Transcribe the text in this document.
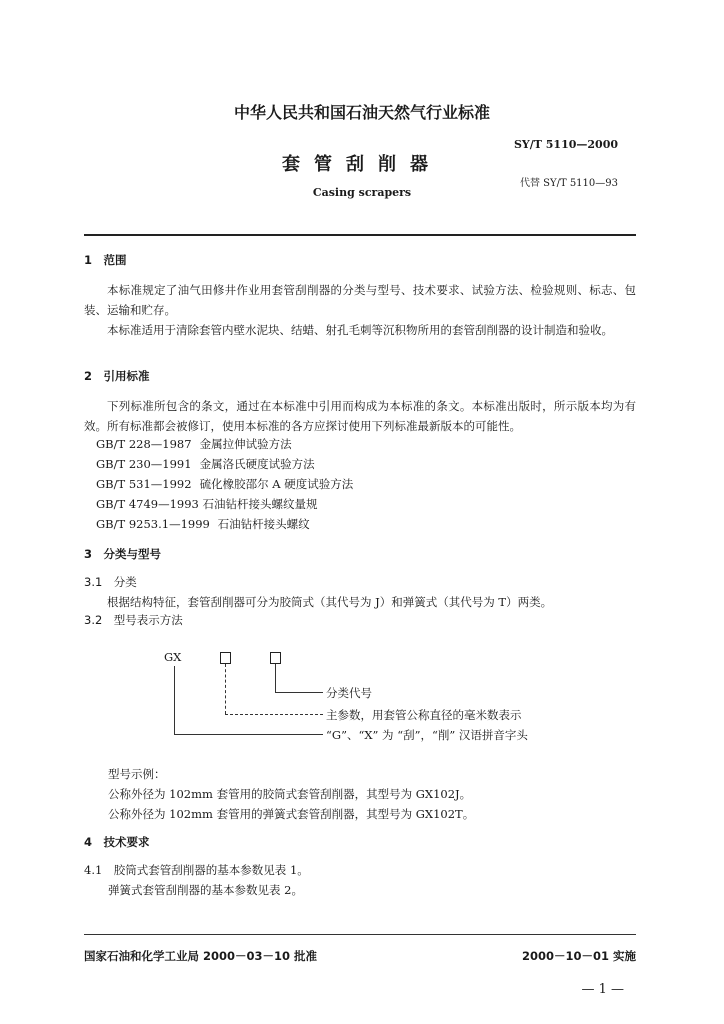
中华人民共和国石油天然气行业标准
SY/T 5110—2000
套管刮削器
代替 SY/T 5110—93
Casing scrapers
1　范围
本标准规定了油气田修井作业用套管刮削器的分类与型号、技术要求、试验方法、检验规则、标志、包装、运输和贮存。
本标准适用于清除套管内壁水泥块、结蜡、射孔毛刺等沉积物所用的套管刮削器的设计制造和验收。
2　引用标准
下列标准所包含的条文，通过在本标准中引用而构成为本标准的条文。本标准出版时，所示版本均为有效。所有标准都会被修订，使用本标准的各方应探讨使用下列标准最新版本的可能性。
GB/T 228—1987 金属拉伸试验方法
GB/T 230—1991 金属洛氏硬度试验方法
GB/T 531—1992 硫化橡胶邵尔 A 硬度试验方法
GB/T 4749—1993 石油钻杆接头螺纹量规
GB/T 9253.1—1999 石油钻杆接头螺纹
3　分类与型号
3.1　分类
根据结构特征，套管刮削器可分为胶筒式（其代号为 J）和弹簧式（其代号为 T）两类。
3.2　型号表示方法
GX
分类代号
主参数，用套管公称直径的毫米数表示
“G”、“X” 为 “刮”，“削” 汉语拼音字头
型号示例：
公称外径为 102mm 套管用的胶筒式套管刮削器，其型号为 GX102J。
公称外径为 102mm 套管用的弹簧式套管刮削器，其型号为 GX102T。
4　技术要求
4.1　胶筒式套管刮削器的基本参数见表 1。
弹簧式套管刮削器的基本参数见表 2。
国家石油和化学工业局 2000－03－10 批准	2000－10－01 实施
— 1 —
